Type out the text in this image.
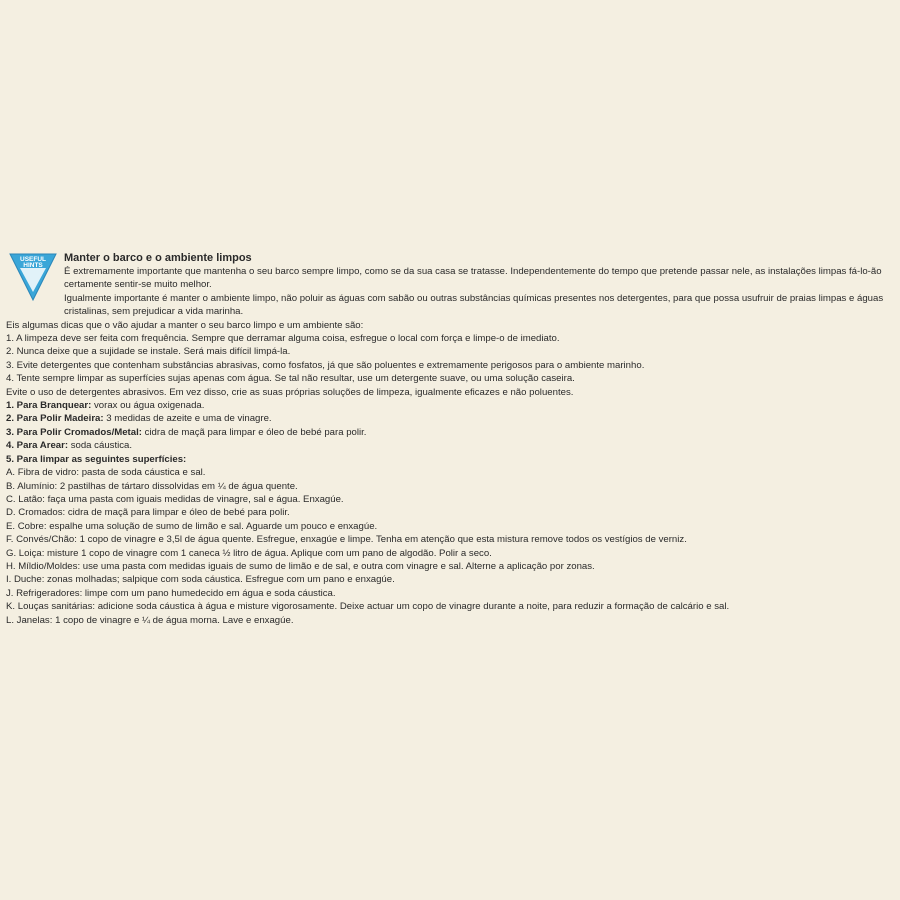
USEFUL
HINTS
Manter o barco e o ambiente limpos
É extremamente importante que mantenha o seu barco sempre limpo, como se da sua casa se tratasse. Independentemente do tempo que pretende passar nele, as instalações limpas fá-lo-ão
certamente sentir-se muito melhor.
Igualmente importante é manter o ambiente limpo, não poluir as águas com sabão ou outras substâncias químicas presentes nos detergentes, para que possa usufruir de praias limpas e águas
cristalinas, sem prejudicar a vida marinha.
Eis algumas dicas que o vão ajudar a manter o seu barco limpo e um ambiente são:
1. A limpeza deve ser feita com frequência. Sempre que derramar alguma coisa, esfregue o local com força e limpe-o de imediato.
2. Nunca deixe que a sujidade se instale. Será mais difícil limpá-la.
3. Evite detergentes que contenham substâncias abrasivas, como fosfatos, já que são poluentes e extremamente perigosos para o ambiente marinho.
4. Tente sempre limpar as superfícies sujas apenas com água. Se tal não resultar, use um detergente suave, ou uma solução caseira.
Evite o uso de detergentes abrasivos. Em vez disso, crie as suas próprias soluções de limpeza, igualmente eficazes e não poluentes.
1. Para Branquear: vorax ou água oxigenada.
2. Para Polir Madeira: 3 medidas de azeite e uma de vinagre.
3. Para Polir Cromados/Metal: cidra de maçã para limpar e óleo de bebé para polir.
4. Para Arear: soda cáustica.
5. Para limpar as seguintes superfícies:
A. Fibra de vidro: pasta de soda cáustica e sal.
B. Alumínio: 2 pastilhas de tártaro dissolvidas em ¼ de água quente.
C. Latão: faça uma pasta com iguais medidas de vinagre, sal e água. Enxagúe.
D. Cromados: cidra de maçã para limpar e óleo de bebé para polir.
E. Cobre: espalhe uma solução de sumo de limão e sal. Aguarde um pouco e enxagúe.
F. Convés/Chão: 1 copo de vinagre e 3,5l de água quente. Esfregue, enxagúe e limpe. Tenha em atenção que esta mistura remove todos os vestígios de verniz.
G. Loiça: misture 1 copo de vinagre com 1 caneca ½ litro de água. Aplique com um pano de algodão. Polir a seco.
H. Míldio/Moldes: use uma pasta com medidas iguais de sumo de limão e de sal, e outra com vinagre e sal. Alterne a aplicação por zonas.
I. Duche: zonas molhadas; salpique com soda cáustica. Esfregue com um pano e enxagúe.
J. Refrigeradores: limpe com um pano humedecido em água e soda cáustica.
K. Louças sanitárias: adicione soda cáustica à água e misture vigorosamente. Deixe actuar um copo de vinagre durante a noite, para reduzir a formação de calcário e sal.
L. Janelas: 1 copo de vinagre e ¼ de água morna. Lave e enxagúe.
